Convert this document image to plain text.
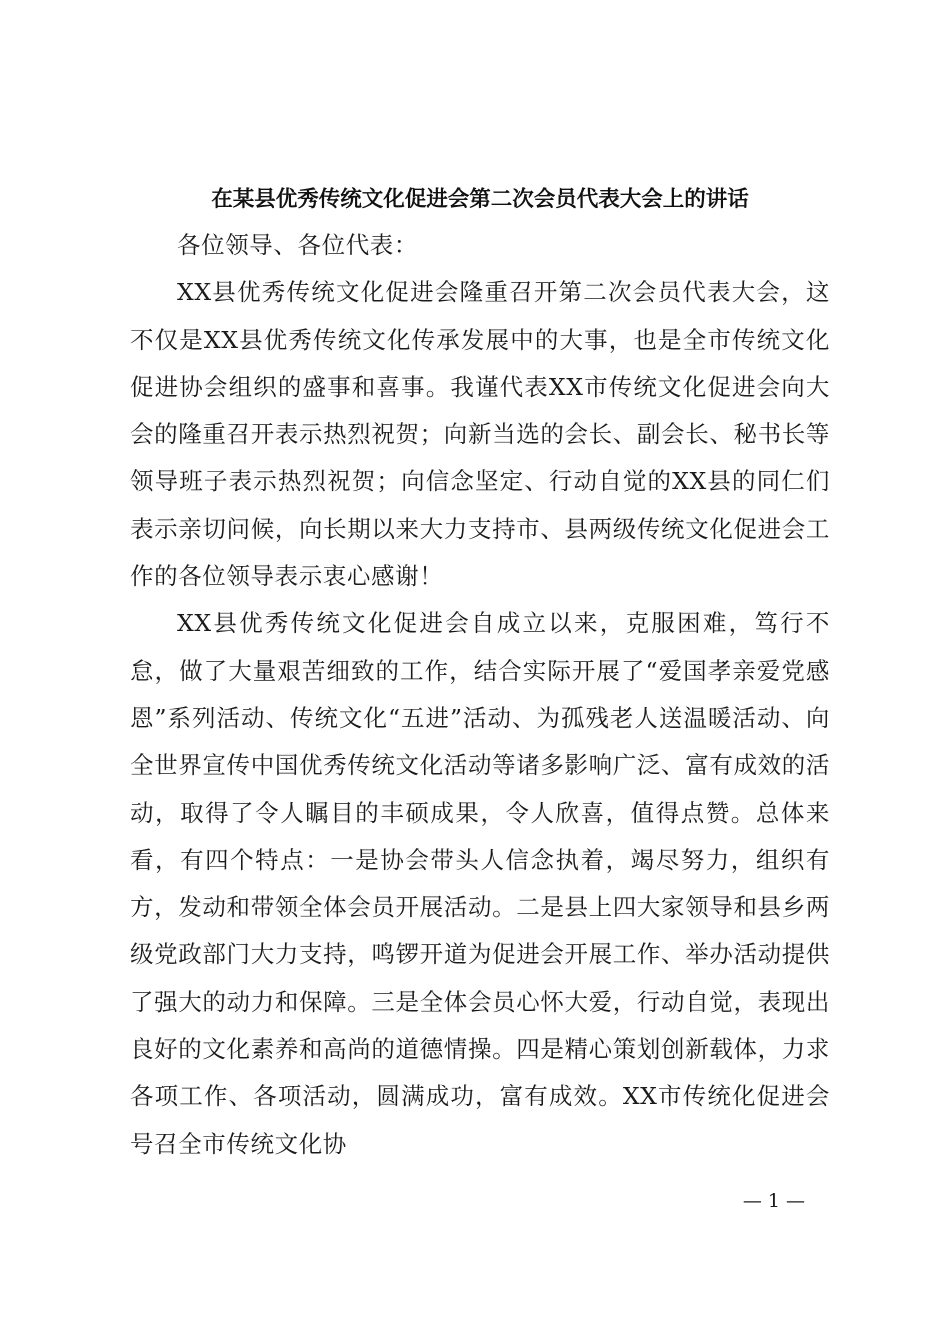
在某县优秀传统文化促进会第二次会员代表大会上的讲话

各位领导、各位代表：

XX县优秀传统文化促进会隆重召开第二次会员代表大会，这不仅是XX县优秀传统文化传承发展中的大事，也是全市传统文化促进协会组织的盛事和喜事。我谨代表XX市传统文化促进会向大会的隆重召开表示热烈祝贺；向新当选的会长、副会长、秘书长等领导班子表示热烈祝贺；向信念坚定、行动自觉的XX县的同仁们表示亲切问候，向长期以来大力支持市、县两级传统文化促进会工作的各位领导表示衷心感谢！

XX县优秀传统文化促进会自成立以来，克服困难，笃行不怠，做了大量艰苦细致的工作，结合实际开展了“爱国孝亲爱党感恩”系列活动、传统文化“五进”活动、为孤残老人送温暖活动、向全世界宣传中国优秀传统文化活动等诸多影响广泛、富有成效的活动，取得了令人瞩目的丰硕成果，令人欣喜，值得点赞。总体来看，有四个特点：一是协会带头人信念执着，竭尽努力，组织有方，发动和带领全体会员开展活动。二是县上四大家领导和县乡两级党政部门大力支持，鸣锣开道为促进会开展工作、举办活动提供了强大的动力和保障。三是全体会员心怀大爱，行动自觉，表现出良好的文化素养和高尚的道德情操。四是精心策划创新载体，力求各项工作、各项活动，圆满成功，富有成效。XX市传统化促进会号召全市传统文化协

— 1 —
